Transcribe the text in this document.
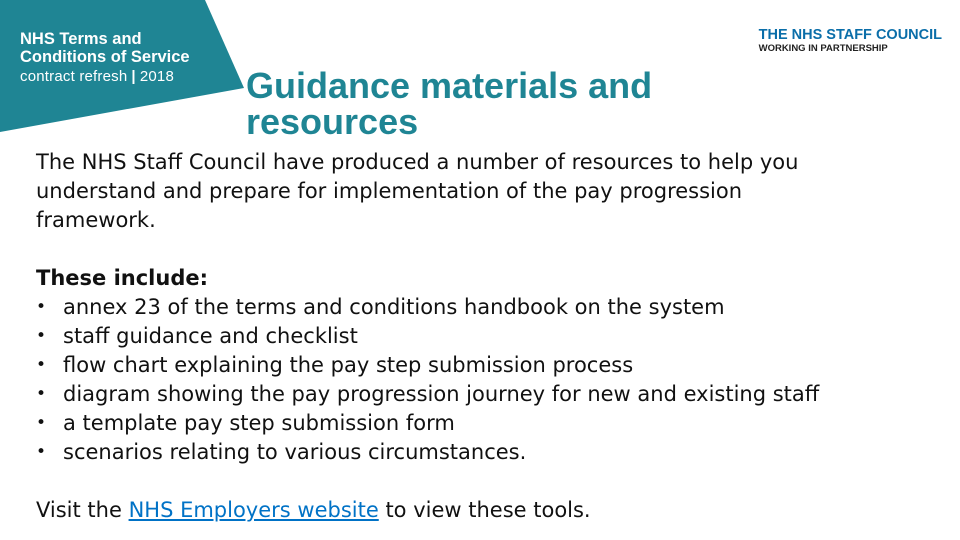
NHS Terms and
Conditions of Service
contract refresh | 2018
THE NHS STAFF COUNCIL
WORKING IN PARTNERSHIP
Guidance materials and resources

The NHS Staff Council have produced a number of resources to help you understand and prepare for implementation of the pay progression framework.

These include:

• annex 23 of the terms and conditions handbook on the system
• staff guidance and checklist
• flow chart explaining the pay step submission process
• diagram showing the pay progression journey for new and existing staff
• a template pay step submission form
• scenarios relating to various circumstances.

Visit the NHS Employers website to view these tools.
